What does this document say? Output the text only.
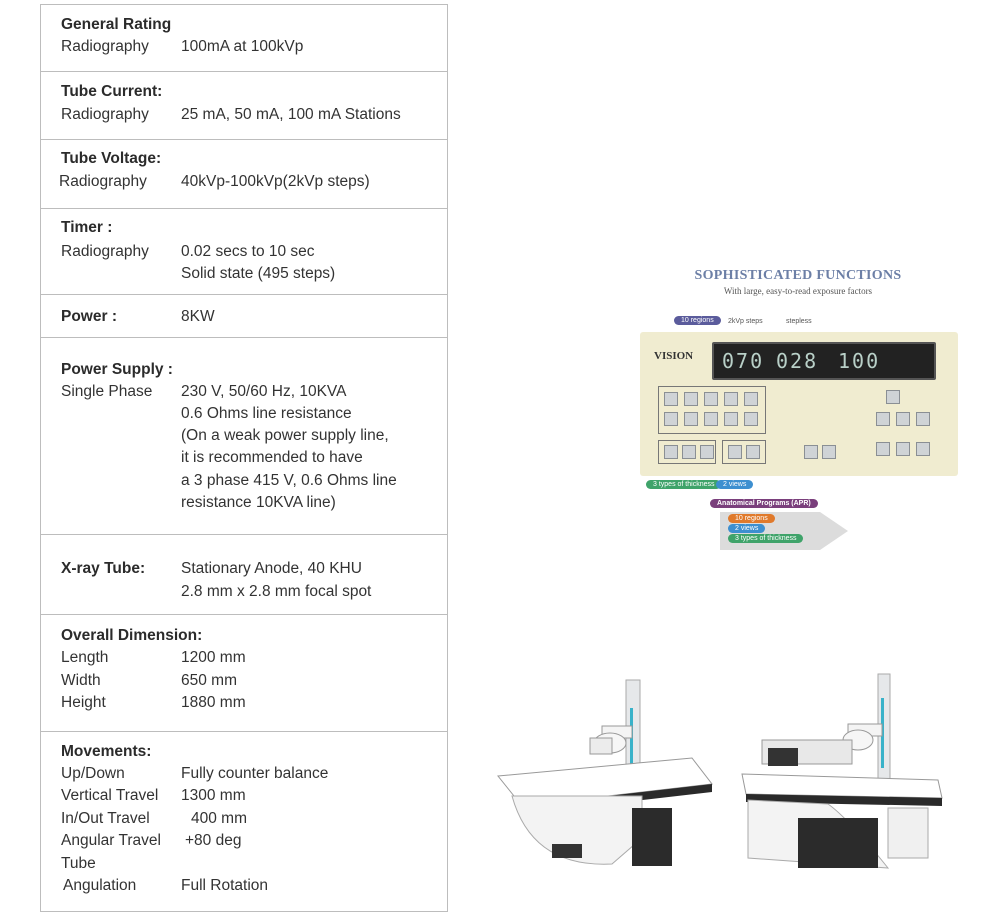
General Rating
Radiography 100mA at 100kVp
Tube Current:
Radiography 25 mA, 50 mA, 100 mA Stations
Tube Voltage:
Radiography 40kVp-100kVp(2kVp steps)
Timer :
Radiography 0.02 secs to 10 sec
Solid state (495 steps)
Power :	8KW
Power Supply :
Single Phase 230 V, 50/60 Hz, 10KVA
0.6 Ohms line resistance
(On a weak power supply line,
it is recommended to have
a 3 phase 415 V, 0.6 Ohms line
resistance 10KVA line)
X-ray Tube: Stationary Anode, 40 KHU
2.8 mm x 2.8 mm focal spot
Overall Dimension:
Length	1200 mm
Width	650 mm
Height	1880 mm
Movements:
Up/Down	Fully counter balance
Vertical Travel 1300 mm
In/Out Travel	400 mm
Angular Travel +80 deg
Tube
Angulation	Full Rotation
SOPHISTICATED FUNCTIONS
With large, easy-to-read exposure factors
10 regions	2kVp steps	stepless
VISION 070 028 100
3 types of thickness	2 views
Anatomical Programs (APR)
10 regions
2 views
3 types of thickness
